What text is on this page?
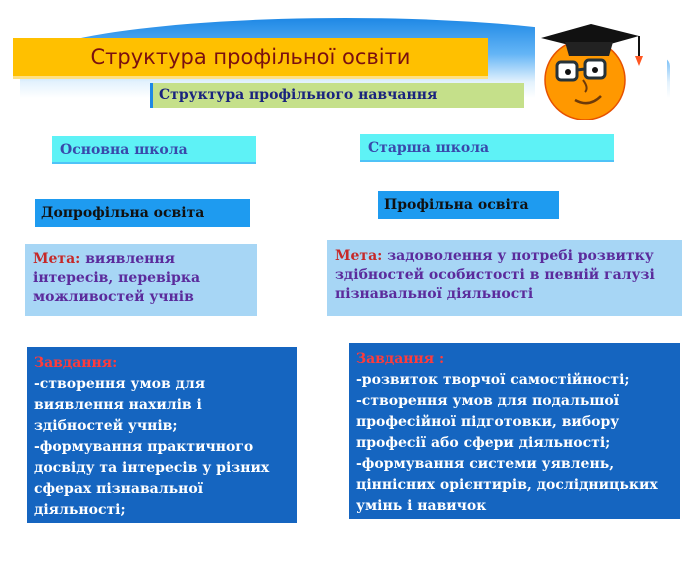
Структура профільної освіти
Структура профільного навчання
Основна школа	Старша школа
Допрофільна освіта	Профільна освіта
Мета: виявлення інтересів, перевірка можливостей учнів
Мета: задоволення у потребі розвитку здібностей особистості в певній галузі пізнавальної діяльності
Завдання:
-створення умов для виявлення нахилів і здібностей учнів;
-формування практичного досвіду та інтересів у різних сферах пізнавальної діяльності;
-орієнтація на вибір профілю навчання в старшій школі
Завдання :
-розвиток творчої самостійності;
-створення умов для подальшої професійної підготовки, вибору професії або сфери діяльності;
-формування системи уявлень, ціннісних орієнтирів, дослідницьких умінь і навичок
